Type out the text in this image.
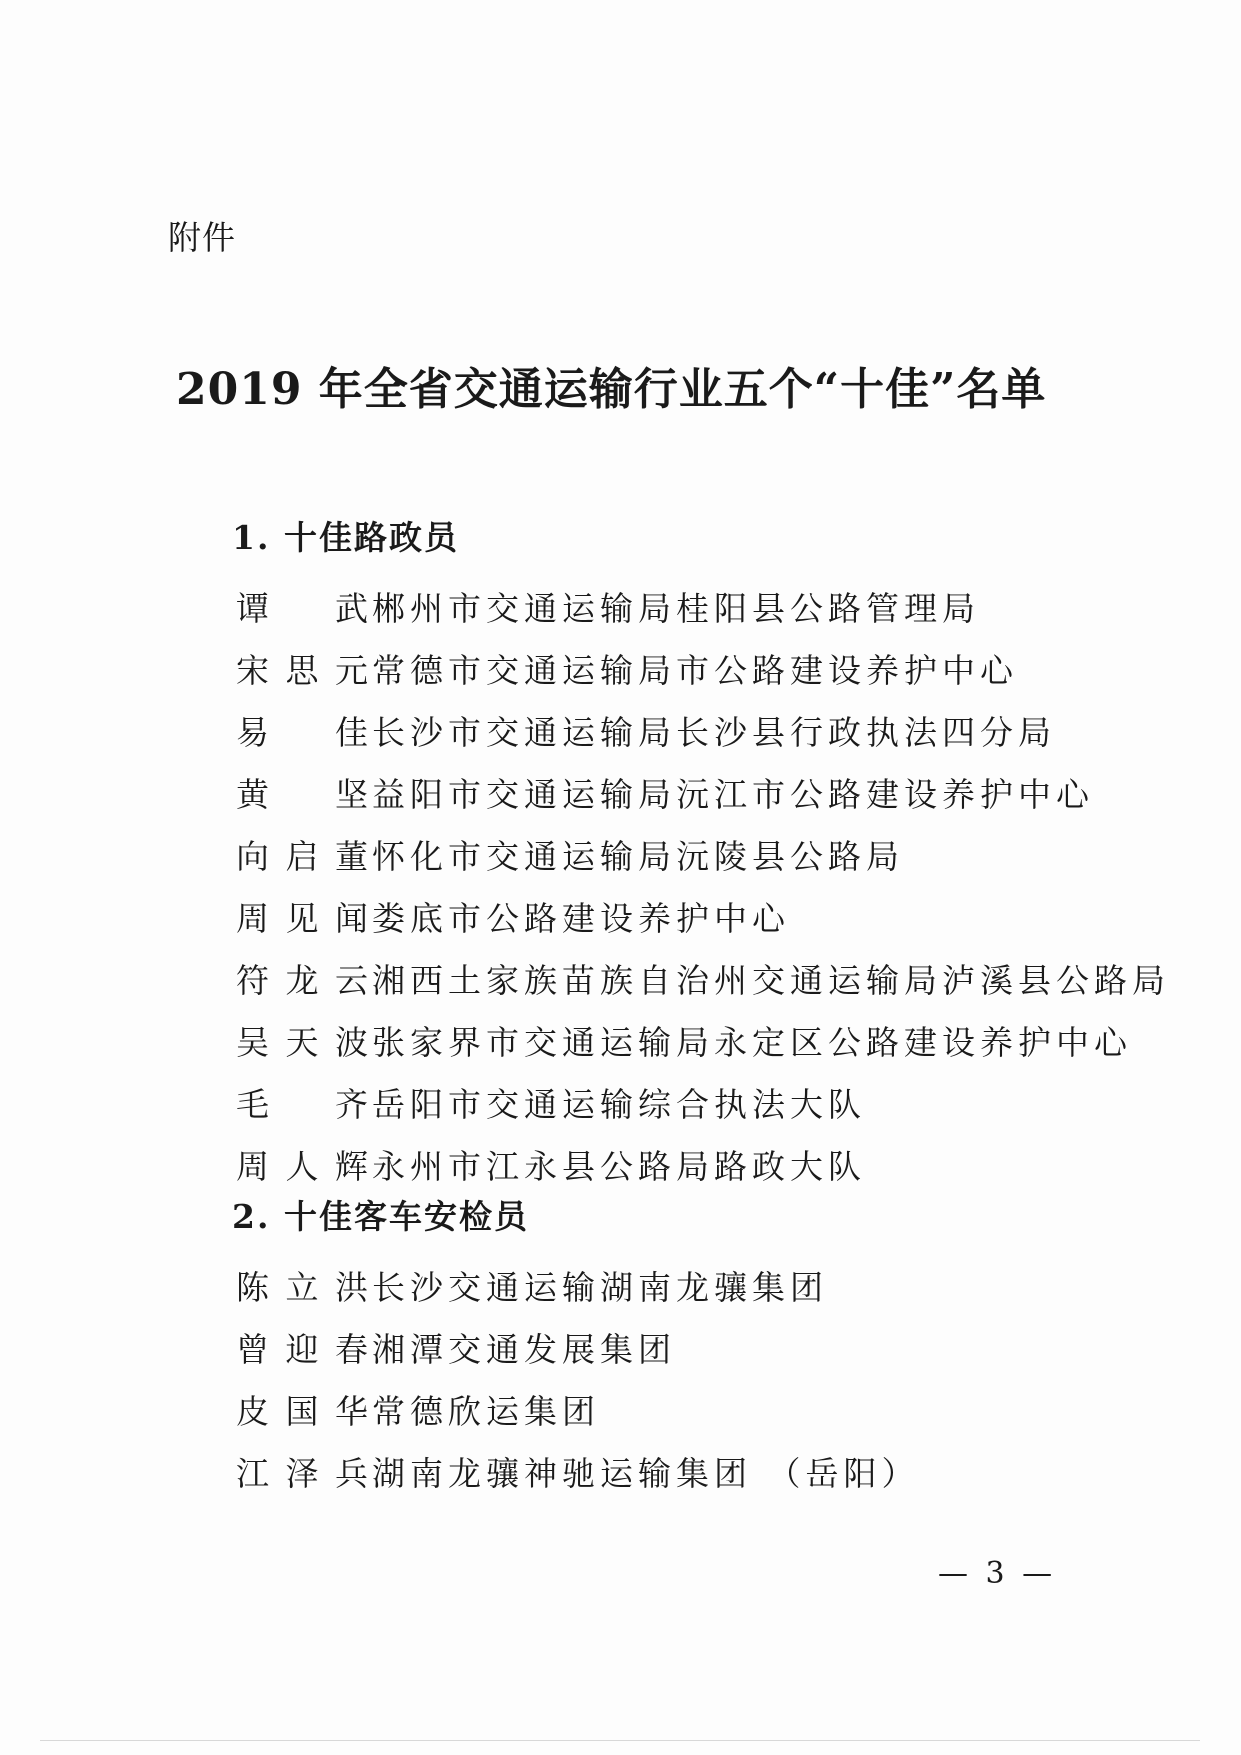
附件
2019 年全省交通运输行业五个“十佳”名单
1. 十佳路政员
谭　武 郴州市交通运输局桂阳县公路管理局
宋思元 常德市交通运输局市公路建设养护中心
易　佳 长沙市交通运输局长沙县行政执法四分局
黄　坚 益阳市交通运输局沅江市公路建设养护中心
向启董 怀化市交通运输局沅陵县公路局
周见闻 娄底市公路建设养护中心
符龙云 湘西土家族苗族自治州交通运输局泸溪县公路局
吴天波 张家界市交通运输局永定区公路建设养护中心
毛　齐 岳阳市交通运输综合执法大队
周人辉 永州市江永县公路局路政大队
2. 十佳客车安检员
陈立洪 长沙交通运输湖南龙骧集团
曾迎春 湘潭交通发展集团
皮国华 常德欣运集团
江泽兵 湖南龙骧神驰运输集团 （岳阳）
— 3 —
